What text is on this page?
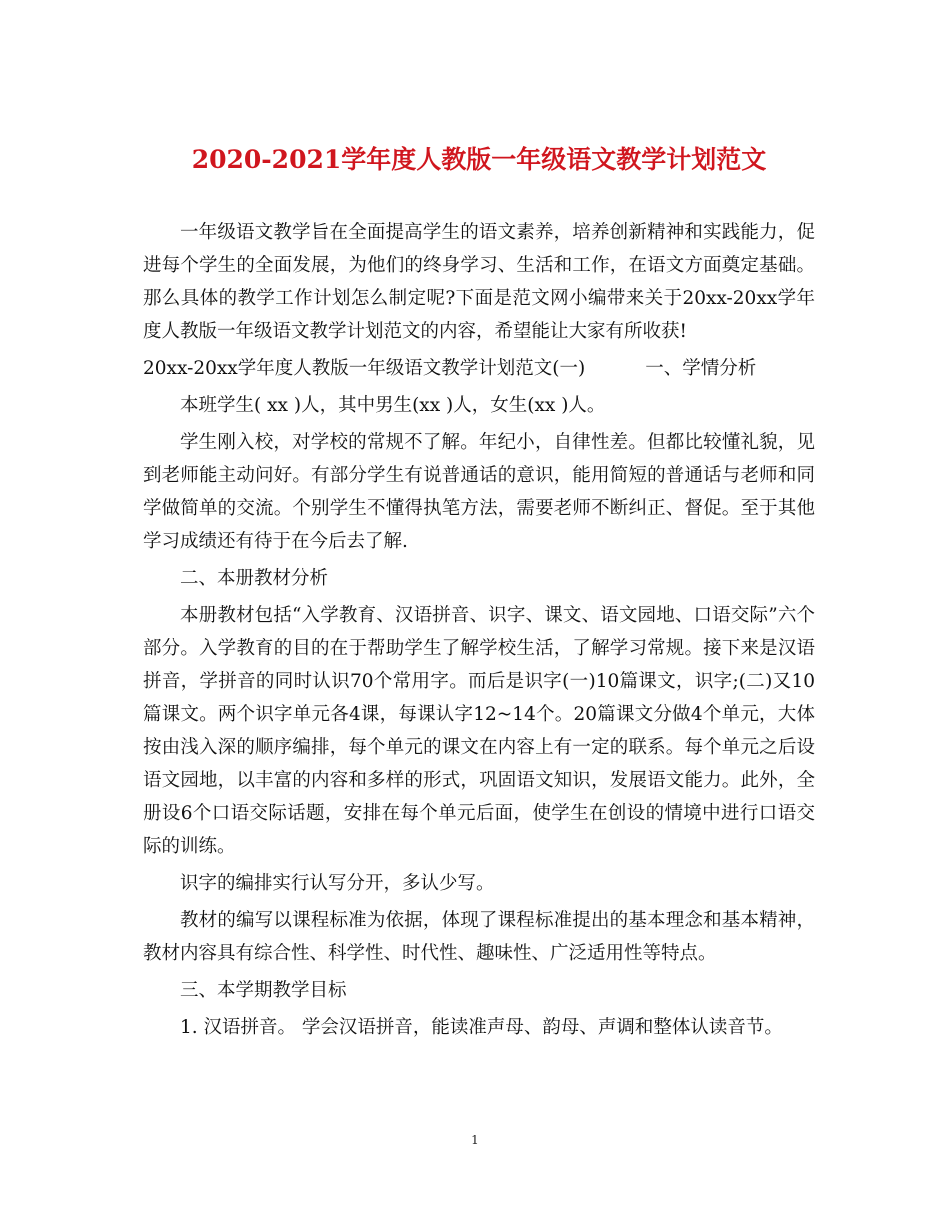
2020-2021学年度人教版一年级语文教学计划范文

一年级语文教学旨在全面提高学生的语文素养，培养创新精神和实践能力，促进每个学生的全面发展，为他们的终身学习、生活和工作，在语文方面奠定基础。那么具体的教学工作计划怎么制定呢?下面是范文网小编带来关于20xx-20xx学年度人教版一年级语文教学计划范文的内容，希望能让大家有所收获!

20xx-20xx学年度人教版一年级语文教学计划范文(一)	一、学情分析

本班学生( xx )人，其中男生(xx )人，女生(xx )人。

学生刚入校，对学校的常规不了解。年纪小，自律性差。但都比较懂礼貌，见到老师能主动问好。有部分学生有说普通话的意识，能用简短的普通话与老师和同学做简单的交流。个别学生不懂得执笔方法，需要老师不断纠正、督促。至于其他学习成绩还有待于在今后去了解.

二、本册教材分析

本册教材包括“入学教育、汉语拼音、识字、课文、语文园地、口语交际”六个部分。入学教育的目的在于帮助学生了解学校生活，了解学习常规。接下来是汉语拼音，学拼音的同时认识70个常用字。而后是识字(一)10篇课文，识字;(二)又10篇课文。两个识字单元各4课，每课认字12~14个。20篇课文分做4个单元，大体按由浅入深的顺序编排，每个单元的课文在内容上有一定的联系。每个单元之后设语文园地，以丰富的内容和多样的形式，巩固语文知识，发展语文能力。此外，全册设6个口语交际话题，安排在每个单元后面，使学生在创设的情境中进行口语交际的训练。

识字的编排实行认写分开，多认少写。

教材的编写以课程标准为依据，体现了课程标准提出的基本理念和基本精神，教材内容具有综合性、科学性、时代性、趣味性、广泛适用性等特点。

三、本学期教学目标

1. 汉语拼音。 学会汉语拼音，能读准声母、韵母、声调和整体认读音节。

1
